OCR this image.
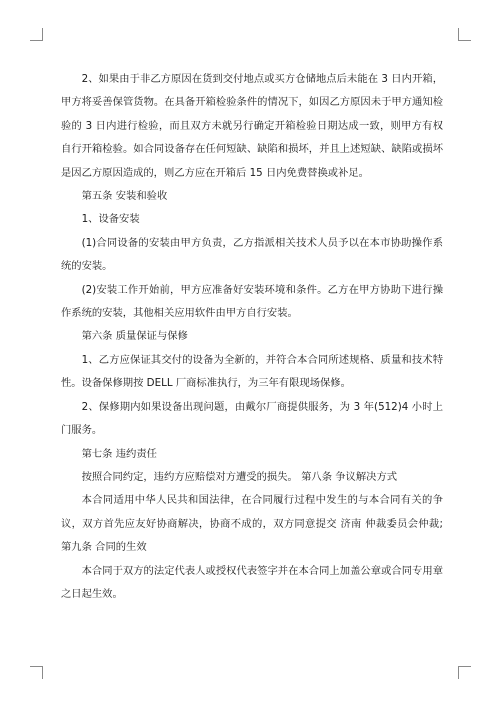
2、如果由于非乙方原因在货到交付地点或买方仓储地点后未能在 3 日内开箱，甲方将妥善保管货物。在具备开箱检验条件的情况下，如因乙方原因未于甲方通知检验的 3 日内进行检验，而且双方未就另行确定开箱检验日期达成一致，则甲方有权自行开箱检验。如合同设备存在任何短缺、缺陷和损坏，并且上述短缺、缺陷或损坏是因乙方原因造成的，则乙方应在开箱后 15 日内免费替换或补足。

第五条 安装和验收

1、设备安装

(1)合同设备的安装由甲方负责，乙方指派相关技术人员予以在本市协助操作系统的安装。

(2)安装工作开始前，甲方应准备好安装环境和条件。乙方在甲方协助下进行操作系统的安装，其他相关应用软件由甲方自行安装。

第六条 质量保证与保修

1、乙方应保证其交付的设备为全新的，并符合本合同所述规格、质量和技术特性。设备保修期按 DELL 厂商标准执行，为三年有限现场保修。

2、保修期内如果设备出现问题，由戴尔厂商提供服务，为 3 年(512)4 小时上门服务。

第七条 违约责任

按照合同约定，违约方应赔偿对方遭受的损失。 第八条 争议解决方式

本合同适用中华人民共和国法律，在合同履行过程中发生的与本合同有关的争议，双方首先应友好协商解决，协商不成的，双方同意提交 济南 仲裁委员会仲裁; 第九条 合同的生效

本合同于双方的法定代表人或授权代表签字并在本合同上加盖公章或合同专用章之日起生效。
